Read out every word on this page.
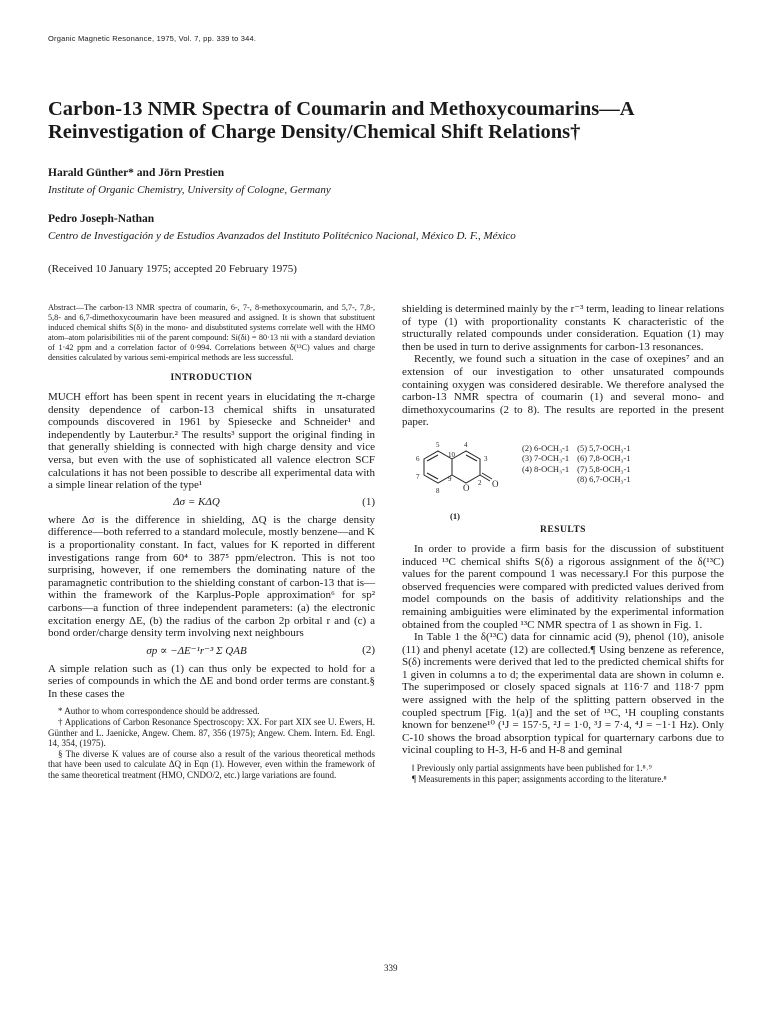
Organic Magnetic Resonance, 1975, Vol. 7, pp. 339 to 344.
Carbon-13 NMR Spectra of Coumarin and Methoxycoumarins—A
Reinvestigation of Charge Density/Chemical Shift Relations†
Harald Günther* and Jörn Prestien
Institute of Organic Chemistry, University of Cologne, Germany
Pedro Joseph-Nathan
Centro de Investigación y de Estudios Avanzados del Instituto Politécnico Nacional, México D. F., México
(Received 10 January 1975; accepted 20 February 1975)

Abstract—The carbon-13 NMR spectra of coumarin, 6-, 7-, 8-methoxycoumarin, and 5,7-, 7,8-, 5,8- and 6,7-dimethoxycoumarin have been measured and assigned. It is shown that substituent induced chemical shifts S(δ) in the mono- and disubstituted systems correlate well with the HMO atom–atom polarisibilities πii of the parent compound: Si(δi) = 80·13 πii with a standard deviation of 1·42 ppm and a correlation factor of 0·994. Correlations between δ(¹³C) values and charge densities calculated by various semi-empirical methods are less successful.

INTRODUCTION

MUCH effort has been spent in recent years in elucidating the π-charge density dependence of carbon-13 chemical shifts in unsaturated compounds discovered in 1961 by Spiesecke and Schneider¹ and independently by Lauterbur.² The results³ support the original finding in that generally shielding is connected with high charge density and vice versa, but even with the use of sophisticated all valence electron SCF calculations it has not been possible to describe all experimental data with a simple linear relation of the type¹

Δσ = KΔQ	(1)

where Δσ is the difference in shielding, ΔQ is the charge density difference—both referred to a standard molecule, mostly benzene—and K is a proportionality constant. In fact, values for K reported in different investigations range from 60⁴ to 387⁵ ppm/electron. This is not too surprising, however, if one remembers the dominating nature of the paramagnetic contribution to the shielding constant of carbon-13 that is—within the framework of the Karplus-Pople approximation⁶ for sp² carbons—a function of three independent parameters: (a) the electronic excitation energy ΔE, (b) the radius of the carbon 2p orbital r and (c) a bond order/charge density term involving next neighbours

σp ∝ −ΔE⁻¹r⁻³ Σ QAB	(2)

A simple relation such as (1) can thus only be expected to hold for a series of compounds in which the ΔE and bond order terms are constant.§ In these cases the

* Author to whom correspondence should be addressed.

† Applications of Carbon Resonance Spectroscopy: XX. For part XIX see U. Ewers, H. Günther and L. Jaenicke, Angew. Chem. 87, 356 (1975); Angew. Chem. Intern. Ed. Engl. 14, 354, (1975).

§ The diverse K values are of course also a result of the various theoretical methods that have been used to calculate ΔQ in Eqn (1). However, even within the framework of the same theoretical treatment (HMO, CNDO/2, etc.) large variations are found.

shielding is determined mainly by the r⁻³ term, leading to linear relations of type (1) with proportionality constants K characteristic of the structurally related compounds under consideration. Equation (1) may then be used in turn to derive assignments for carbon-13 resonances.

Recently, we found such a situation in the case of oxepines⁷ and an extension of our investigation to other unsaturated compounds containing oxygen was considered desirable. We therefore analysed the carbon-13 NMR spectra of coumarin (1) and several mono- and dimethoxycoumarins (2 to 8). The results are reported in the present paper.

5	4
6	10	3
7	9	2
8	O	O
(1)
(2) 6-OCH₃-1
(3) 7-OCH₃-1
(4) 8-OCH₃-1
(5) 5,7-OCH₃-1
(6) 7,8-OCH₃-1
(7) 5,8-OCH₃-1
(8) 6,7-OCH₃-1
RESULTS

In order to provide a firm basis for the discussion of substituent induced ¹³C chemical shifts S(δ) a rigorous assignment of the δ(¹³C) values for the parent compound 1 was necessary.‖ For this purpose the observed frequencies were compared with predicted values derived from model compounds on the basis of additivity relationships and the remaining ambiguities were eliminated by the experimental information obtained from the coupled ¹³C NMR spectra of 1 as shown in Fig. 1.

In Table 1 the δ(¹³C) data for cinnamic acid (9), phenol (10), anisole (11) and phenyl acetate (12) are collected.¶ Using benzene as reference, S(δ) increments were derived that led to the predicted chemical shifts for 1 given in columns a to d; the experimental data are shown in column e. The superimposed or closely spaced signals at 116·7 and 118·7 ppm were assigned with the help of the splitting pattern observed in the coupled spectrum [Fig. 1(a)] and the set of ¹³C, ¹H coupling constants known for benzene¹⁰ (¹J = 157·5, ²J = 1·0, ³J = 7·4, ⁴J = −1·1 Hz). Only C-10 shows the broad absorption typical for quarternary carbons due to vicinal coupling to H-3, H-6 and H-8 and geminal

‖ Previously only partial assignments have been published for 1.⁸˒⁹

¶ Measurements in this paper; assignments according to the literature.⁸

339
